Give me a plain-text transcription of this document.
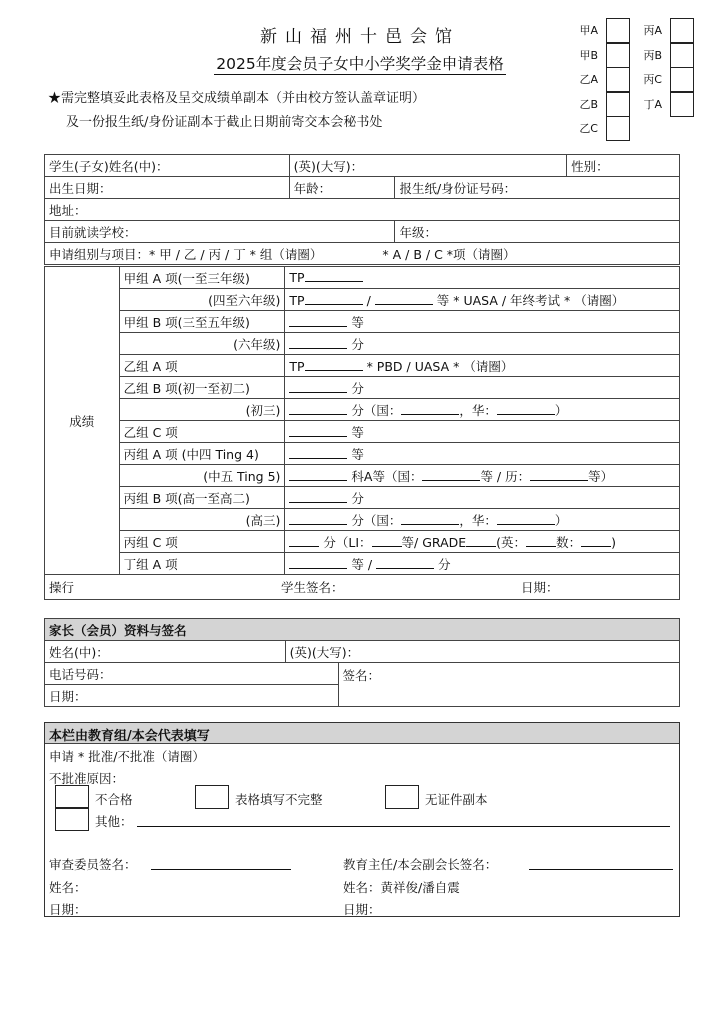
新山福州十邑会馆
2025年度会员子女中小学奖学金申请表格
★需完整填妥此表格及呈交成绩单副本（并由校方签认盖章证明）
及一份报生纸/身份证副本于截止日期前寄交本会秘书处
甲A
甲B
乙A
乙B
乙C
丙A
丙B
丙C
丁A
学生(子女)姓名(中)：	(英)(大写)：		性别：
出生日期：	年龄：	报生纸/身份证号码：	
地址：			
目前就读学校：		年级：	
申请组别与项目：* 甲 / 乙 / 丙 / 丁 * 组（请圈） * A / B / C *项（请圈）			
成绩	甲组 A 项(一至三年级)	TP
	(四至六年级)	TP / 等 * UASA / 年终考试 * （请圈）
	甲组 B 项(三至五年级)	等
	(六年级)	分
	乙组 A 项	TP * PBD / UASA * （请圈）
	乙组 B 项(初一至初二)	分
	(初三)	分（国： ，华： ）
	乙组 C 项	等
	丙组 A 项 (中四 Ting 4)	等
	(中五 Ting 5)	科A等（国： 等 / 历： 等）
	丙组 B 项(高一至高二)	分
	(高三)	分（国： ，华： ）
	丙组 C 项	分（LI： 等/ GRADE (英： 数： )
	丁组 A 项	等 / 分
操行 学生签名： 日期：		
家长（会员）资料与签名		
姓名(中)：	(英)(大写)：	
电话号码：		签名：
日期：		
本栏由教育组/本会代表填写
申请 * 批准/不批准（请圈）
不批准原因：
不合格	表格填写不完整	无证件副本
其他：
审查委员签名：
姓名：
日期：
教育主任/本会副会长签名：
姓名：黄祥俊/潘自震
日期：
